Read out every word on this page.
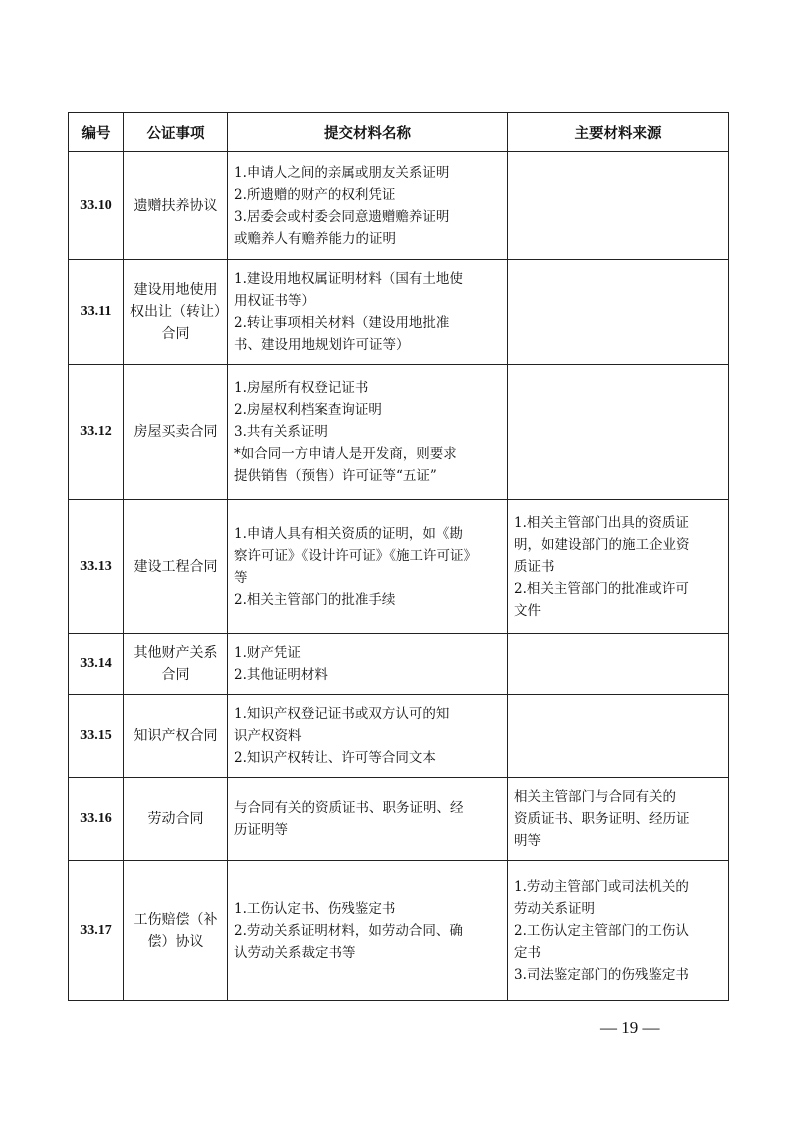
编号	公证事项	提交材料名称	主要材料来源
33.10	遗赠扶养协议	1.申请人之间的亲属或朋友关系证明
2.所遗赠的财产的权利凭证
3.居委会或村委会同意遗赠赡养证明
或赡养人有赡养能力的证明	

33.11	建设用地使用权出让（转让）合同	1.建设用地权属证明材料（国有土地使
用权证书等）
2.转让事项相关材料（建设用地批准
书、建设用地规划许可证等）	

33.12	房屋买卖合同	1.房屋所有权登记证书
2.房屋权利档案查询证明
3.共有关系证明
*如合同一方申请人是开发商，则要求
提供销售（预售）许可证等“五证”	

33.13	建设工程合同	1.申请人具有相关资质的证明，如《勘
察许可证》《设计许可证》《施工许可证》
等
2.相关主管部门的批准手续	1.相关主管部门出具的资质证
明，如建设部门的施工企业资
质证书
2.相关主管部门的批准或许可
文件

33.14	其他财产关系合同	1.财产凭证
2.其他证明材料	

33.15	知识产权合同	1.知识产权登记证书或双方认可的知
识产权资料
2.知识产权转让、许可等合同文本	

33.16	劳动合同	与合同有关的资质证书、职务证明、经
历证明等	相关主管部门与合同有关的
资质证书、职务证明、经历证
明等

33.17	工伤赔偿（补偿）协议	1.工伤认定书、伤残鉴定书
2.劳动关系证明材料，如劳动合同、确
认劳动关系裁定书等	1.劳动主管部门或司法机关的
劳动关系证明
2.工伤认定主管部门的工伤认
定书
3.司法鉴定部门的伤残鉴定书
— 19 —
